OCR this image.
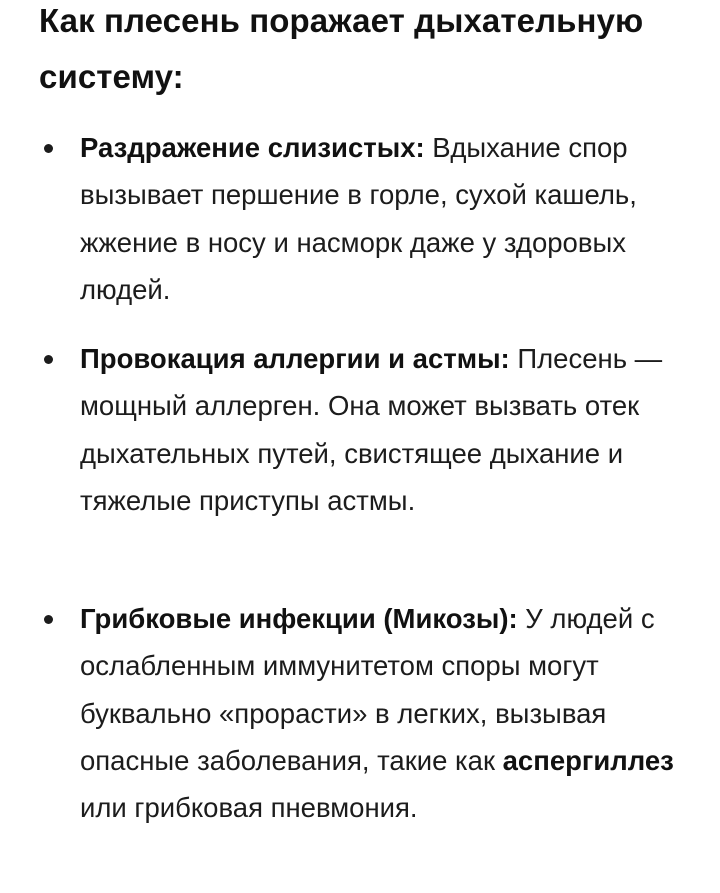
Как плесень поражает дыхательную систему:
Раздражение слизистых: Вдыхание спор вызывает першение в горле, сухой кашель, жжение в носу и насморк даже у здоровых людей.
Провокация аллергии и астмы: Плесень — мощный аллерген. Она может вызвать отек дыхательных путей, свистящее дыхание и тяжелые приступы астмы.
Грибковые инфекции (Микозы): У людей с ослабленным иммунитетом споры могут буквально «прорасти» в легких, вызывая опасные заболевания, такие как аспергиллез или грибковая пневмония.
